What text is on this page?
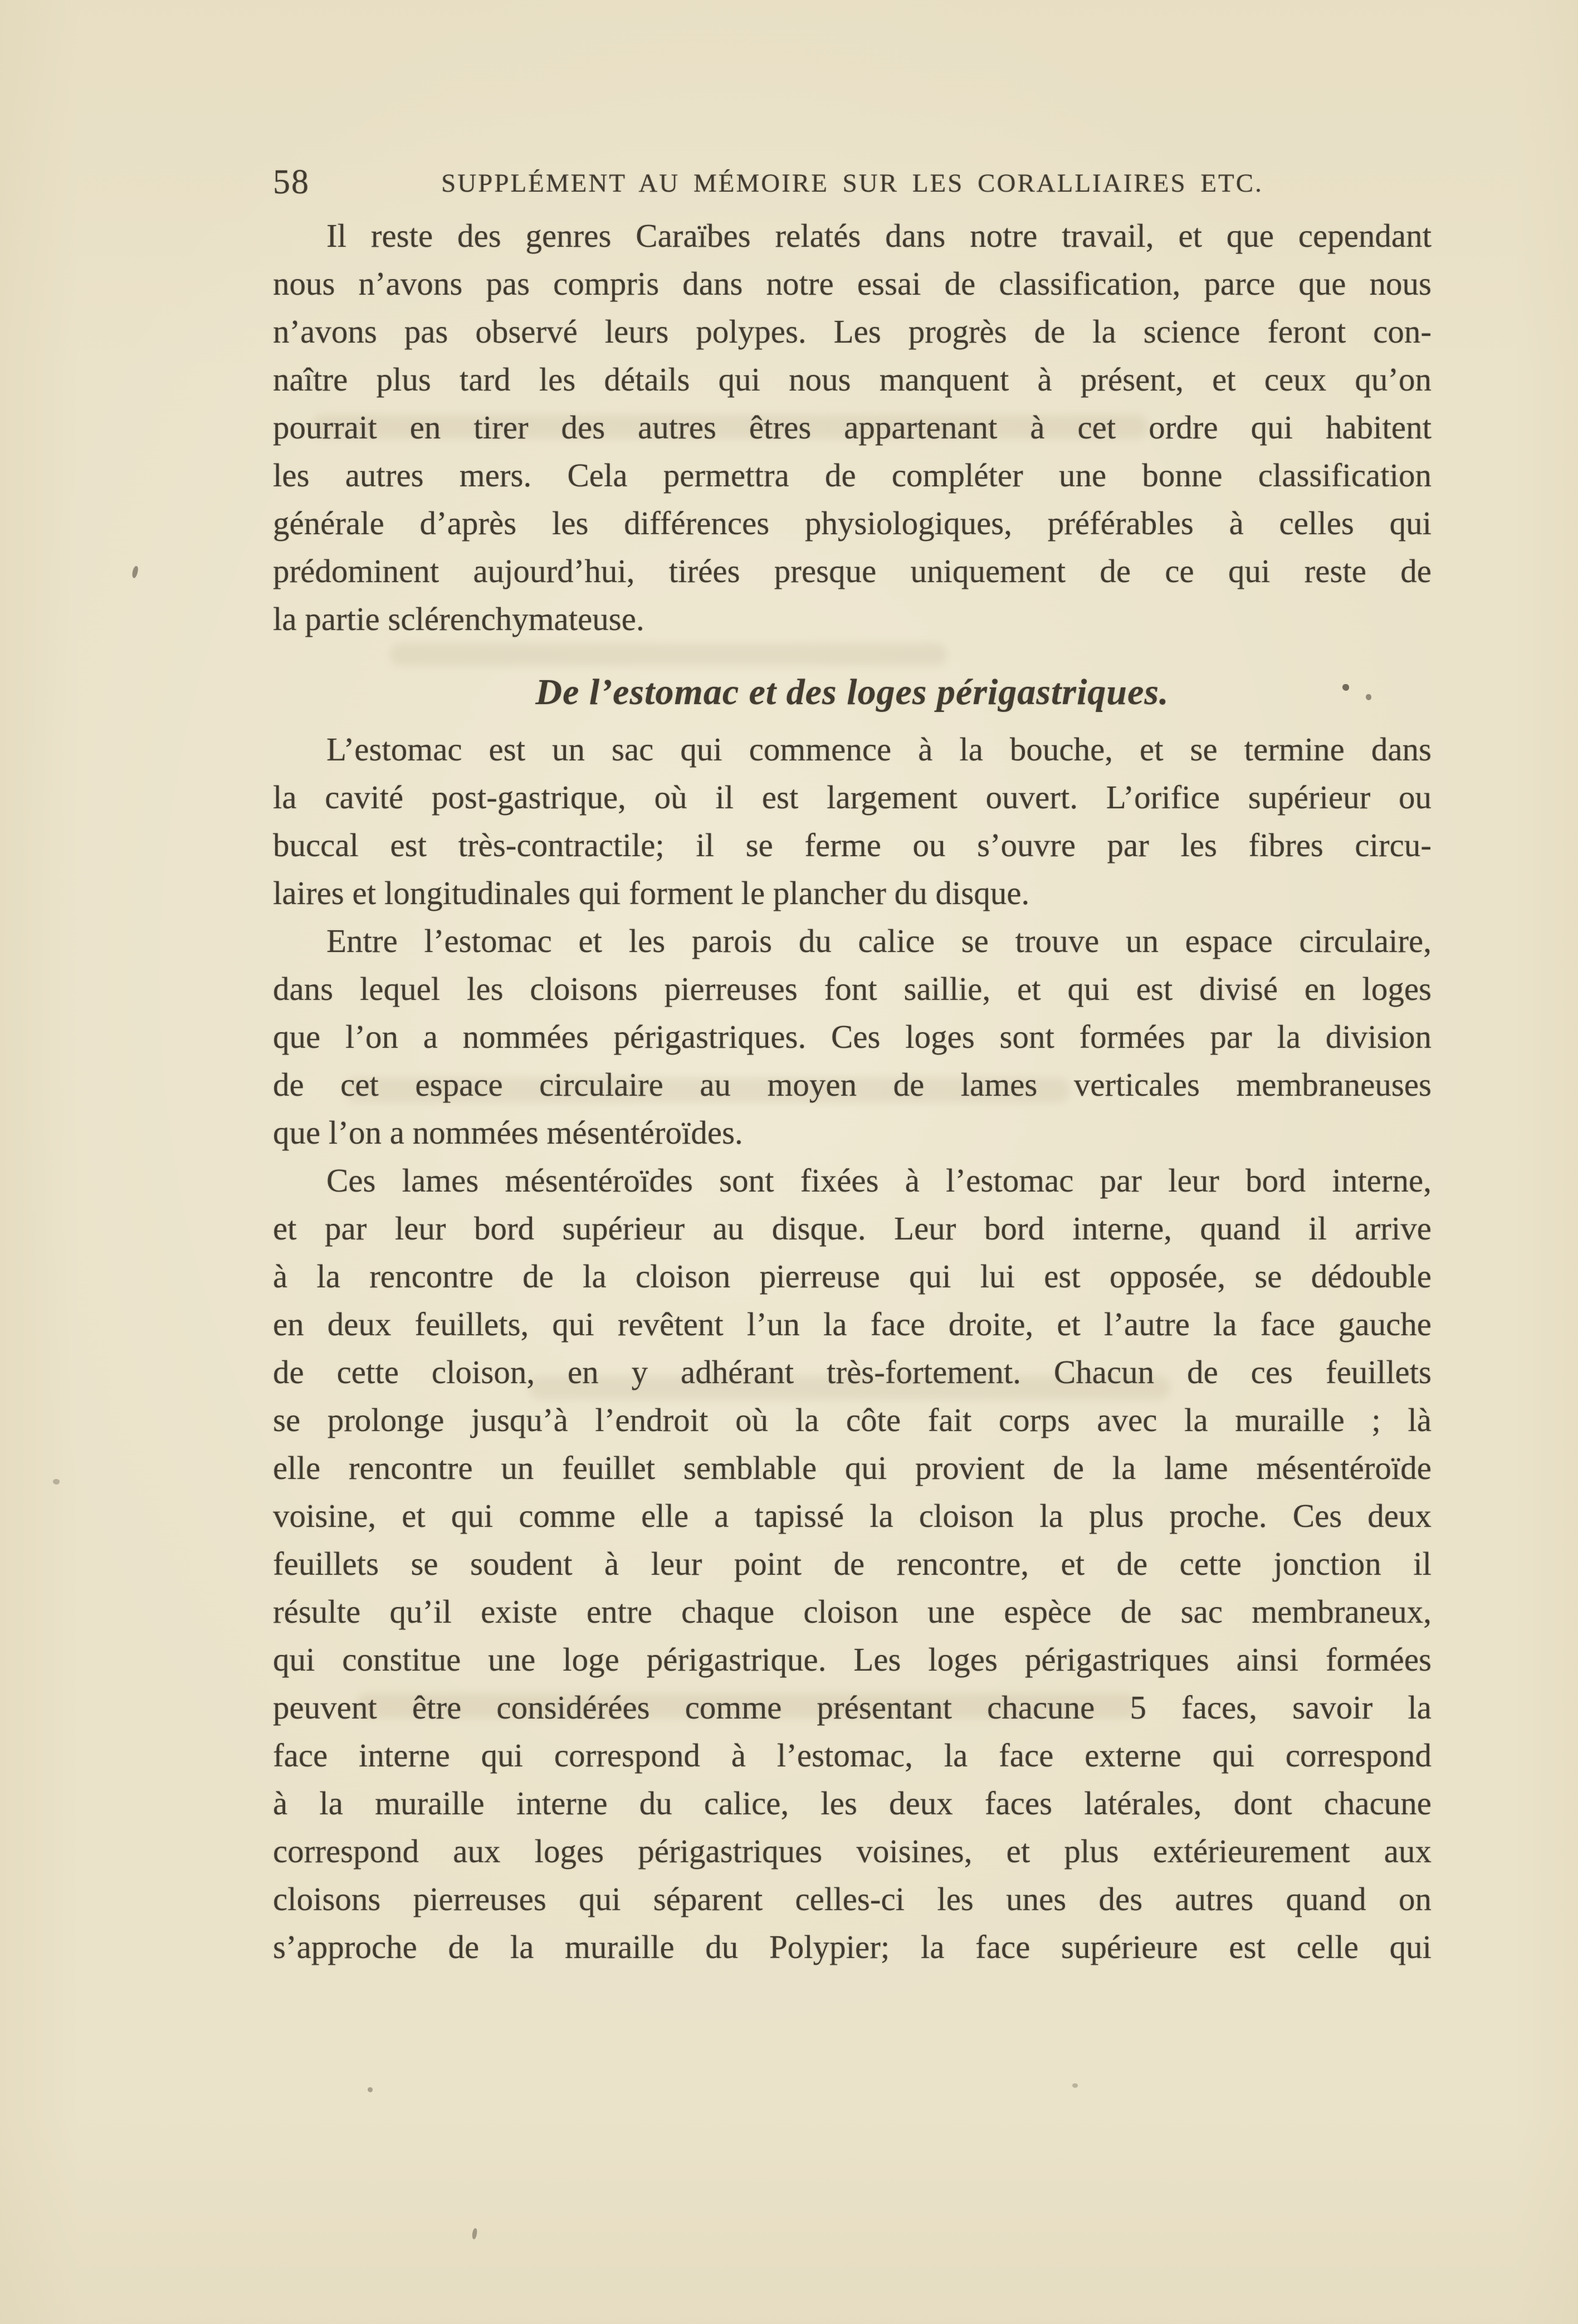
58	SUPPLÉMENT AU MÉMOIRE SUR LES CORALLIAIRES ETC.
Il reste des genres Caraïbes relatés dans notre travail, et que cependant
nous n’avons pas compris dans notre essai de classification, parce que nous
n’avons pas observé leurs polypes. Les progrès de la science feront con-
naître plus tard les détails qui nous manquent à présent, et ceux qu’on
pourrait en tirer des autres êtres appartenant à cet ordre qui habitent
les autres mers. Cela permettra de compléter une bonne classification
générale d’après les différences physiologiques, préférables à celles qui
prédominent aujourd’hui, tirées presque uniquement de ce qui reste de
la partie sclérenchymateuse.
De l’estomac et des loges périgastriques.
L’estomac est un sac qui commence à la bouche, et se termine dans
la cavité post-gastrique, où il est largement ouvert. L’orifice supérieur ou
buccal est très-contractile; il se ferme ou s’ouvre par les fibres circu-
laires et longitudinales qui forment le plancher du disque.
Entre l’estomac et les parois du calice se trouve un espace circulaire,
dans lequel les cloisons pierreuses font saillie, et qui est divisé en loges
que l’on a nommées périgastriques. Ces loges sont formées par la division
de cet espace circulaire au moyen de lames verticales membraneuses
que l’on a nommées mésentéroïdes.
Ces lames mésentéroïdes sont fixées à l’estomac par leur bord interne,
et par leur bord supérieur au disque. Leur bord interne, quand il arrive
à la rencontre de la cloison pierreuse qui lui est opposée, se dédouble
en deux feuillets, qui revêtent l’un la face droite, et l’autre la face gauche
de cette cloison, en y adhérant très-fortement. Chacun de ces feuillets
se prolonge jusqu’à l’endroit où la côte fait corps avec la muraille ; là
elle rencontre un feuillet semblable qui provient de la lame mésentéroïde
voisine, et qui comme elle a tapissé la cloison la plus proche. Ces deux
feuillets se soudent à leur point de rencontre, et de cette jonction il
résulte qu’il existe entre chaque cloison une espèce de sac membraneux,
qui constitue une loge périgastrique. Les loges périgastriques ainsi formées
peuvent être considérées comme présentant chacune 5 faces, savoir la
face interne qui correspond à l’estomac, la face externe qui correspond
à la muraille interne du calice, les deux faces latérales, dont chacune
correspond aux loges périgastriques voisines, et plus extérieurement aux
cloisons pierreuses qui séparent celles-ci les unes des autres quand on
s’approche de la muraille du Polypier; la face supérieure est celle qui
